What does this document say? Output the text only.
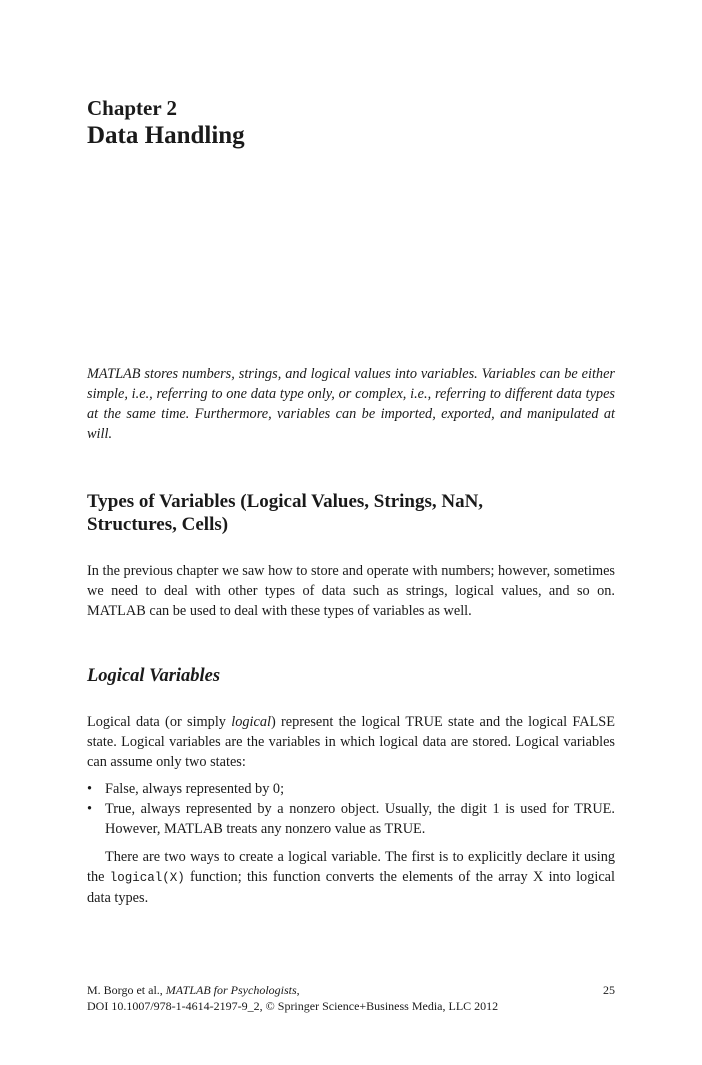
Chapter 2
Data Handling
MATLAB stores numbers, strings, and logical values into variables. Variables can be either simple, i.e., referring to one data type only, or complex, i.e., referring to different data types at the same time. Furthermore, variables can be imported, exported, and manipulated at will.
Types of Variables (Logical Values, Strings, NaN, Structures, Cells)
In the previous chapter we saw how to store and operate with numbers; however, sometimes we need to deal with other types of data such as strings, logical values, and so on. MATLAB can be used to deal with these types of variables as well.
Logical Variables
Logical data (or simply logical) represent the logical TRUE state and the logical FALSE state. Logical variables are the variables in which logical data are stored. Logical variables can assume only two states:
• False, always represented by 0;
• True, always represented by a nonzero object. Usually, the digit 1 is used for TRUE. However, MATLAB treats any nonzero value as TRUE.
There are two ways to create a logical variable. The first is to explicitly declare it using the logical(X) function; this function converts the elements of the array X into logical data types.
M. Borgo et al., MATLAB for Psychologists,	25
DOI 10.1007/978-1-4614-2197-9_2, © Springer Science+Business Media, LLC 2012
